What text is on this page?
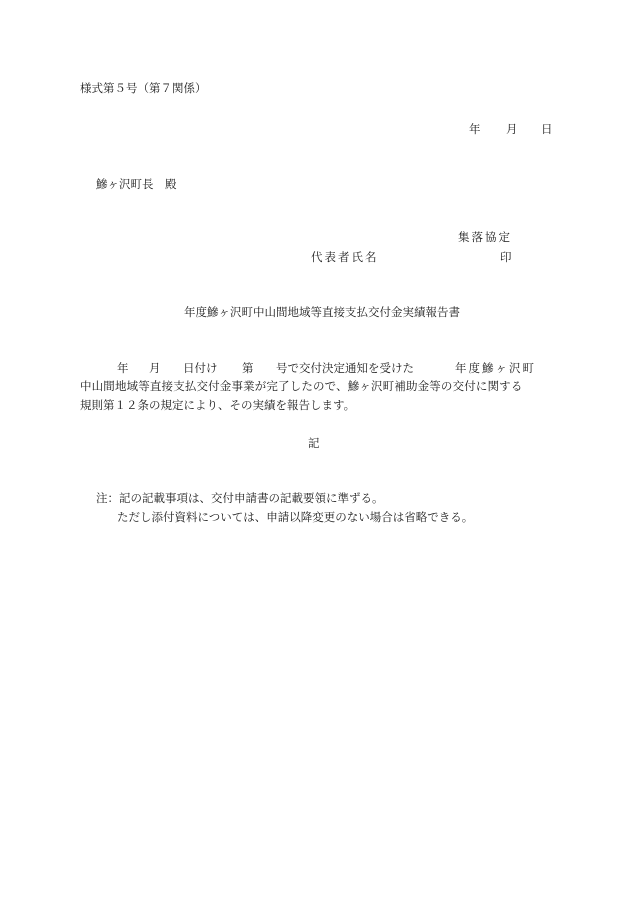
様式第５号（第７関係）
年 月 日
鰺ヶ沢町長　殿
集落協定
代表者氏名	印
年度鰺ヶ沢町中山間地域等直接支払交付金実績報告書
年 月 日付け 第 号で交付決定通知を受けた	年度鰺ヶ沢町
中山間地域等直接支払交付金事業が完了したので、鰺ヶ沢町補助金等の交付に関する
規則第１２条の規定により、その実績を報告します。
記
注：記の記載事項は、交付申請書の記載要領に準ずる。
ただし添付資料については、申請以降変更のない場合は省略できる。
